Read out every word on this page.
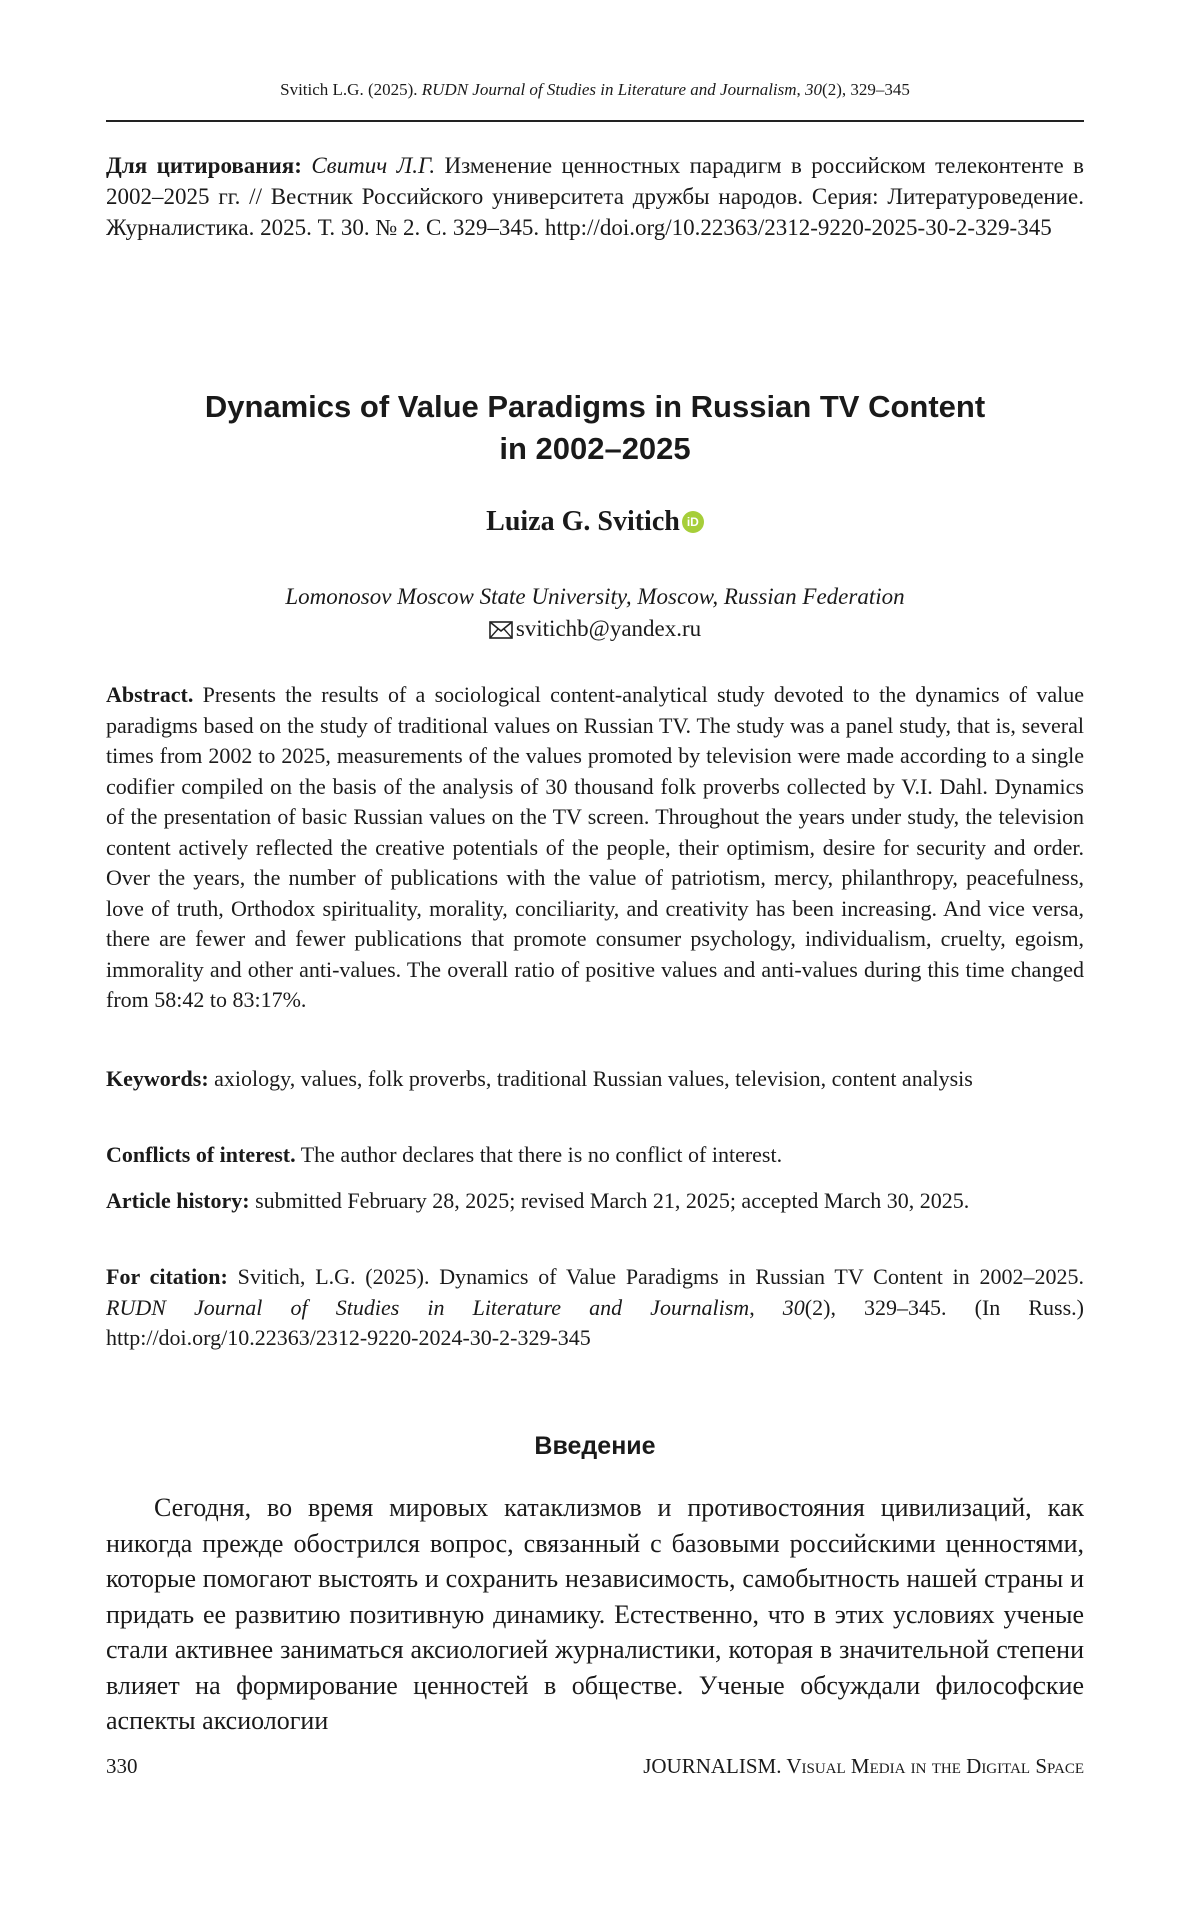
Svitich L.G. (2025). RUDN Journal of Studies in Literature and Journalism, 30(2), 329–345
Для цитирования: Свитич Л.Г. Изменение ценностных парадигм в российском телеконтенте в 2002–2025 гг. // Вестник Российского университета дружбы народов. Серия: Литературоведение. Журналистика. 2025. Т. 30. № 2. С. 329–345. http://doi.org/10.22363/2312-9220-2025-30-2-329-345
Dynamics of Value Paradigms in Russian TV Content
in 2002–2025
Luiza G. Svitich iD
Lomonosov Moscow State University, Moscow, Russian Federation
svitichb@yandex.ru
Abstract. Presents the results of a sociological content-analytical study devoted to the dynamics of value paradigms based on the study of traditional values on Russian TV. The study was a panel study, that is, several times from 2002 to 2025, measurements of the values promoted by television were made according to a single codifier compiled on the basis of the analysis of 30 thousand folk proverbs collected by V.I. Dahl. Dynamics of the presentation of basic Russian values on the TV screen. Throughout the years under study, the television content actively reflected the creative potentials of the people, their optimism, desire for security and order. Over the years, the number of publications with the value of patriotism, mercy, philanthropy, peacefulness, love of truth, Orthodox spirituality, morality, conciliarity, and creativity has been increasing. And vice versa, there are fewer and fewer publications that promote consumer psychology, individualism, cruelty, egoism, immorality and other anti-values. The overall ratio of positive values and anti-values during this time changed from 58:42 to 83:17%.
Keywords: axiology, values, folk proverbs, traditional Russian values, television, content analysis
Conflicts of interest. The author declares that there is no conflict of interest.
Article history: submitted February 28, 2025; revised March 21, 2025; accepted March 30, 2025.
For citation: Svitich, L.G. (2025). Dynamics of Value Paradigms in Russian TV Content in 2002–2025. RUDN Journal of Studies in Literature and Journalism, 30(2), 329–345. (In Russ.) http://doi.org/10.22363/2312-9220-2024-30-2-329-345
Введение
Сегодня, во время мировых катаклизмов и противостояния цивилизаций, как никогда прежде обострился вопрос, связанный с базовыми российскими ценностями, которые помогают выстоять и сохранить независимость, самобытность нашей страны и придать ее развитию позитивную динамику. Естественно, что в этих условиях ученые стали активнее заниматься аксиологией журналистики, которая в значительной степени влияет на формирование ценностей в обществе. Ученые обсуждали философские аспекты аксиологии
330	JOURNALISM. Visual Media in the Digital Space
